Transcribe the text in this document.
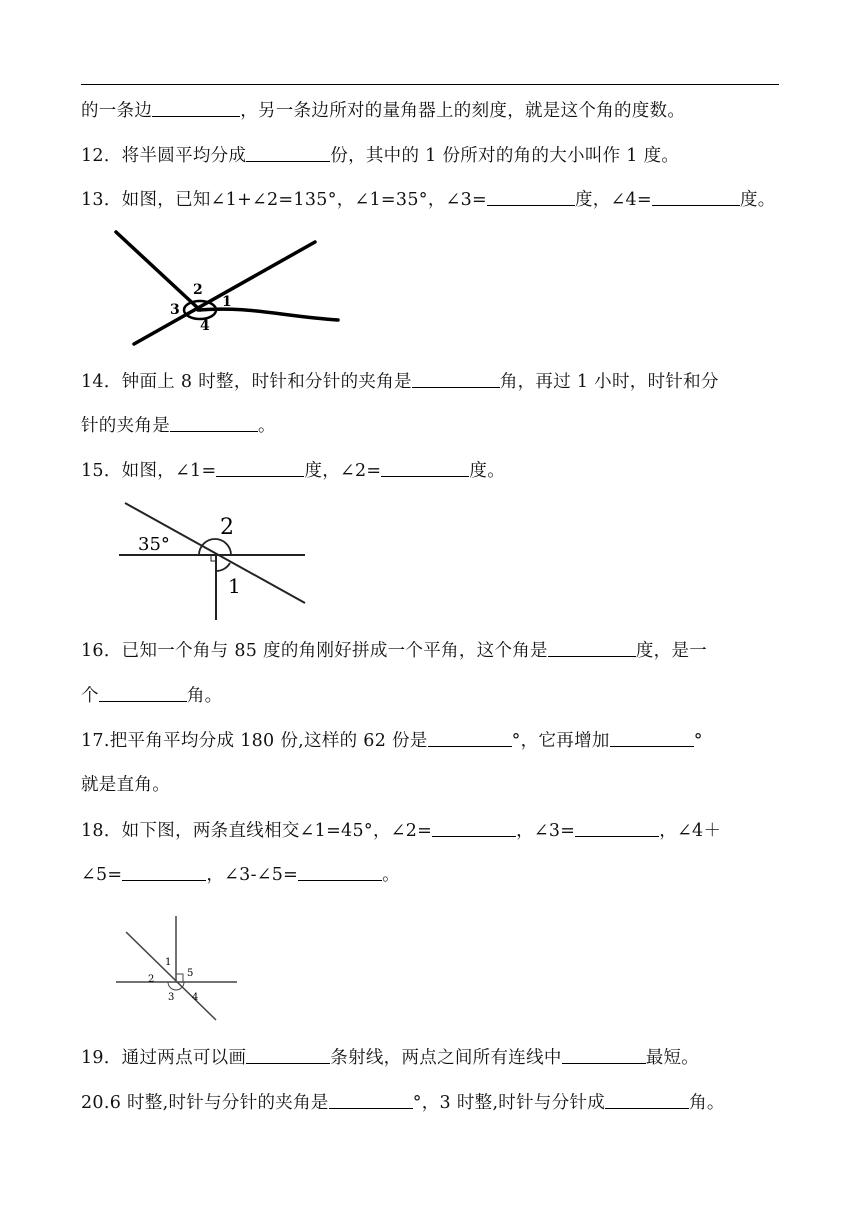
的一条边	，另一条边所对的量角器上的刻度，就是这个角的度数。
12．将半圆平均分成	份，其中的 1 份所对的角的大小叫作 1 度。
13．如图，已知∠1+∠2=135°，∠1=35°，∠3=	度，∠4=	度。
2
3	1
4
14．钟面上 8 时整，时针和分针的夹角是	角，再过 1 小时，时针和分
针的夹角是	。
15．如图，∠1=	度，∠2=	度。
35°
2
1
16．已知一个角与 85 度的角刚好拼成一个平角，这个角是	度，是一
个	角。
17.把平角平均分成 180 份,这样的 62 份是	°，它再增加	°
就是直角。
18．如下图，两条直线相交∠1=45°，∠2=	，∠3=	，∠4＋
∠5=	，∠3-∠5=	。
1
5
2
3 4
19．通过两点可以画	条射线，两点之间所有连线中	最短。
20.6 时整,时针与分针的夹角是	°，3 时整,时针与分针成	角。
